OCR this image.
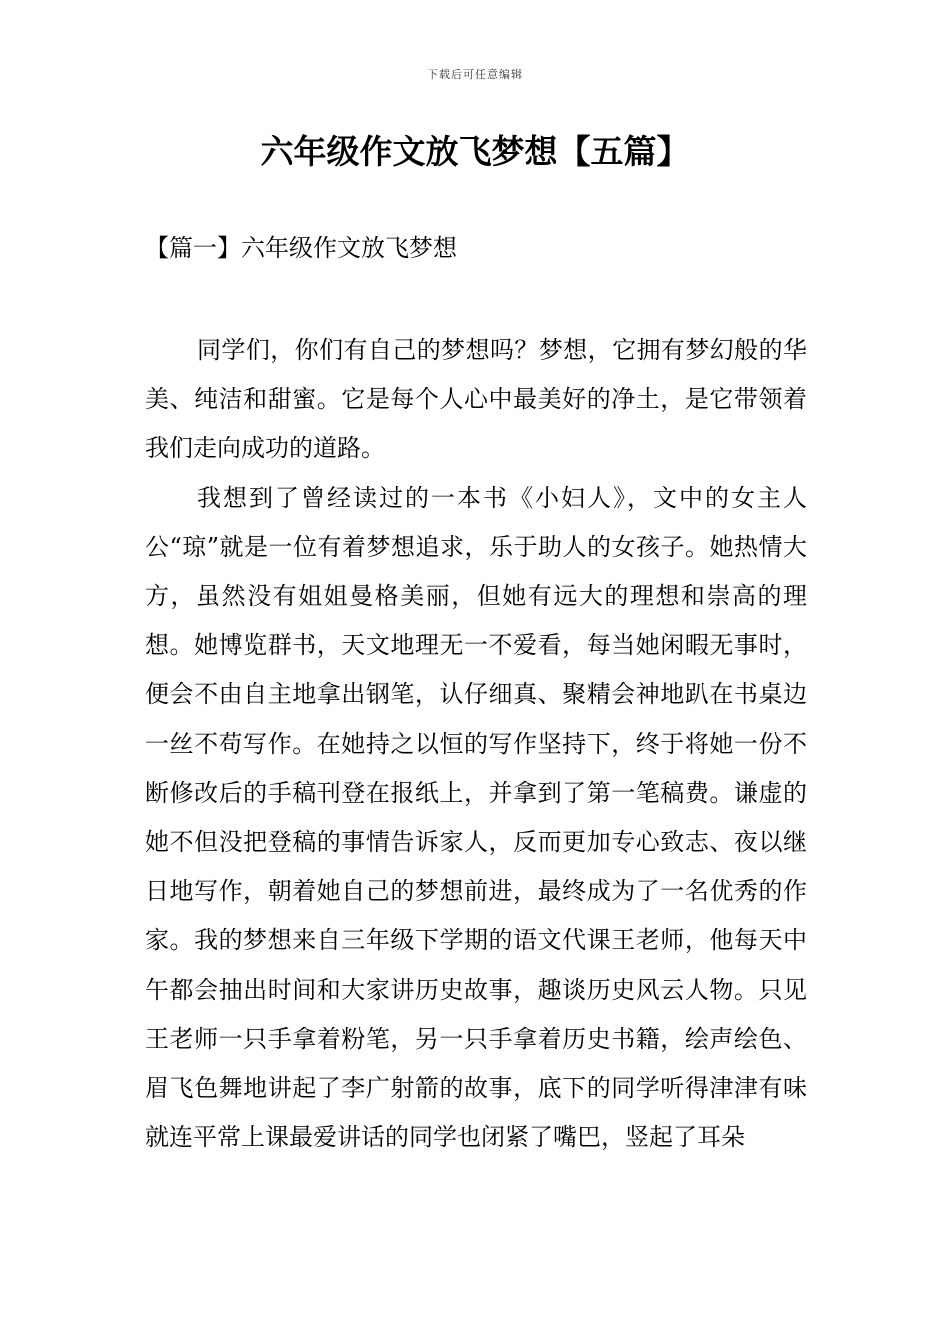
下载后可任意编辑
六年级作文放飞梦想【五篇】
【篇一】六年级作文放飞梦想

同学们，你们有自己的梦想吗？梦想，它拥有梦幻般的华美、纯洁和甜蜜。它是每个人心中最美好的净土，是它带领着我们走向成功的道路。

我想到了曾经读过的一本书《小妇人》，文中的女主人公“琼”就是一位有着梦想追求，乐于助人的女孩子。她热情大方，虽然没有姐姐曼格美丽，但她有远大的理想和崇高的理想。她博览群书，天文地理无一不爱看，每当她闲暇无事时，便会不由自主地拿出钢笔，认仔细真、聚精会神地趴在书桌边一丝不苟写作。在她持之以恒的写作坚持下，终于将她一份不断修改后的手稿刊登在报纸上，并拿到了第一笔稿费。谦虚的她不但没把登稿的事情告诉家人，反而更加专心致志、夜以继日地写作，朝着她自己的梦想前进，最终成为了一名优秀的作家。我的梦想来自三年级下学期的语文代课王老师，他每天中午都会抽出时间和大家讲历史故事，趣谈历史风云人物。只见王老师一只手拿着粉笔，另一只手拿着历史书籍，绘声绘色、眉飞色舞地讲起了李广射箭的故事，底下的同学听得津津有味就连平常上课最爱讲话的同学也闭紧了嘴巴，竖起了耳朵
